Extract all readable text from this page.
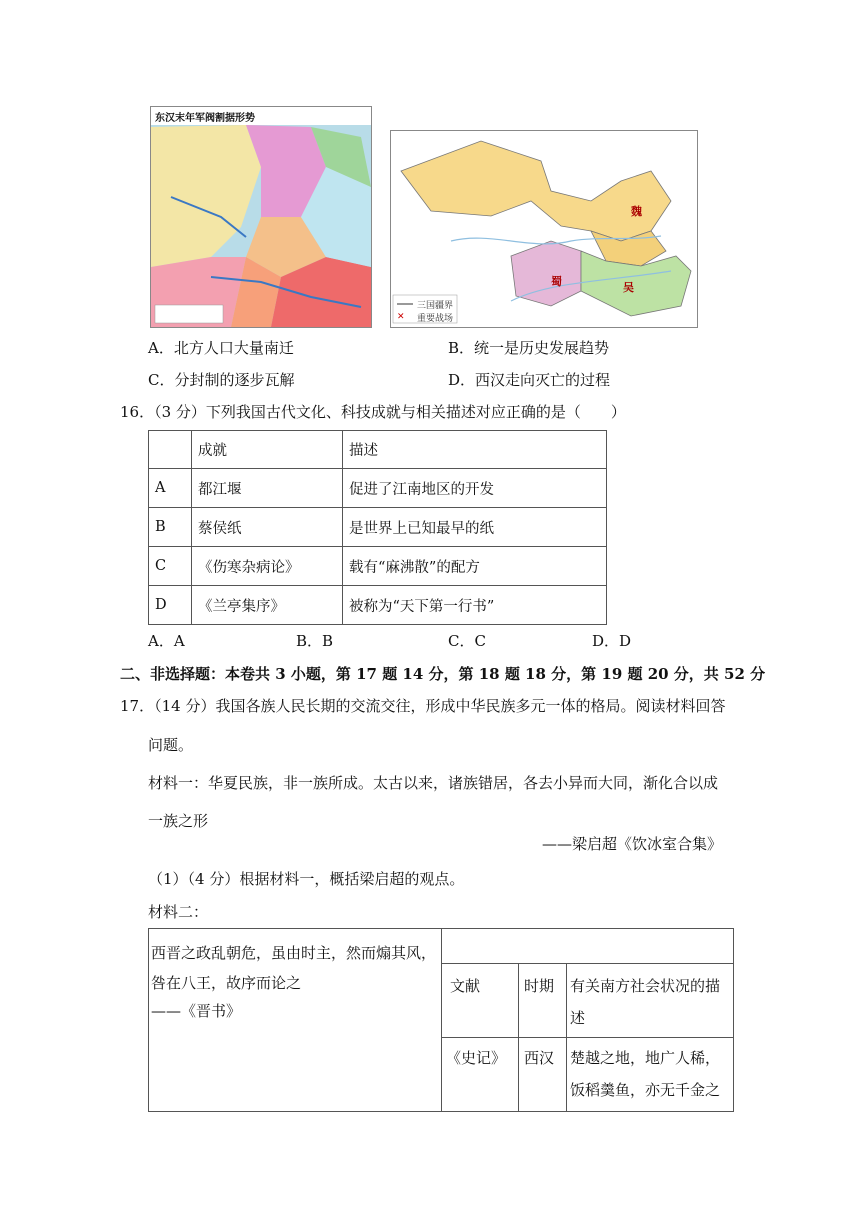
东汉末年军阀割据形势
✕
魏
蜀	吴
三国疆界
重要战场
A．北方人口大量南迁	B．统一是历史发展趋势
C．分封制的逐步瓦解	D．西汉走向灭亡的过程
16．（3 分）下列我国古代文化、科技成就与相关描述对应正确的是（　　）
	成就	描述
A	都江堰	促进了江南地区的开发
B	蔡侯纸	是世界上已知最早的纸
C	《伤寒杂病论》	载有“麻沸散”的配方
D	《兰亭集序》	被称为“天下第一行书”
A．A	B．B	C．C	D．D
二、非选择题：本卷共 3 小题，第 17 题 14 分，第 18 题 18 分，第 19 题 20 分，共 52 分
17．（14 分）我国各族人民长期的交流交往，形成中华民族多元一体的格局。阅读材料回答
问题。
材料一：华夏民族，非一族所成。太古以来，诸族错居，各去小异而大同，渐化合以成
一族之形
——梁启超《饮冰室合集》
（1）（4 分）根据材料一，概括梁启超的观点。
材料二：
西晋之政乱朝危，虽由时主，然而煽其风，
咎在八王，故序而论之
——《晋书》
文献	时期 有关南方社会状况的描
述
《史记》 西汉 楚越之地，地广人稀，
饭稻羹鱼，亦无千金之
